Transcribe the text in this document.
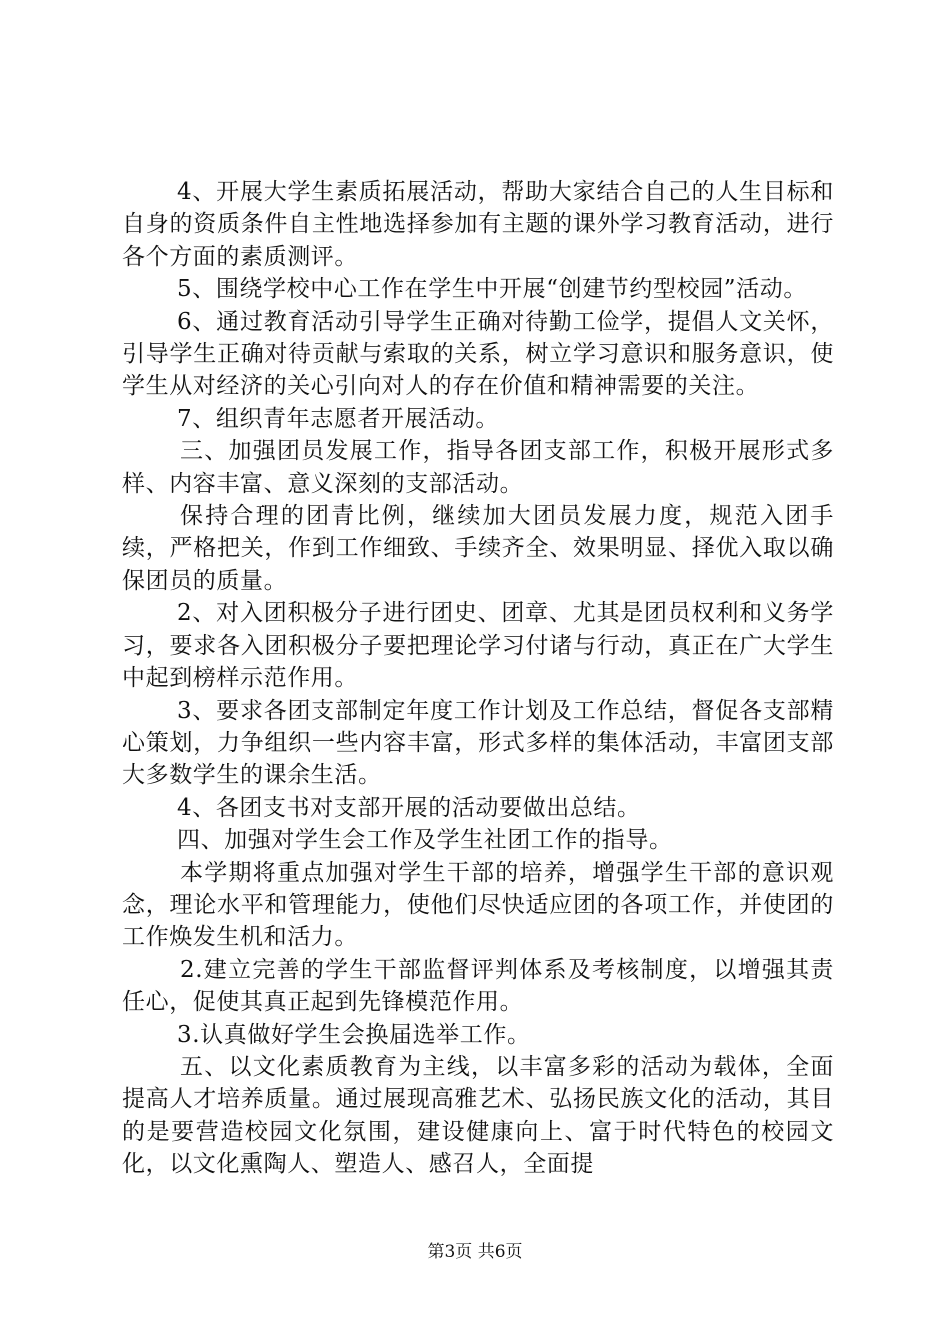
4、开展大学生素质拓展活动，帮助大家结合自己的人生目标和自身的资质条件自主性地选择参加有主题的课外学习教育活动，进行各个方面的素质测评。

5、围绕学校中心工作在学生中开展“创建节约型校园”活动。

6、通过教育活动引导学生正确对待勤工俭学，提倡人文关怀，引导学生正确对待贡献与索取的关系，树立学习意识和服务意识，使学生从对经济的关心引向对人的存在价值和精神需要的关注。

7、组织青年志愿者开展活动。

三、加强团员发展工作，指导各团支部工作，积极开展形式多样、内容丰富、意义深刻的支部活动。

保持合理的团青比例，继续加大团员发展力度，规范入团手续，严格把关，作到工作细致、手续齐全、效果明显、择优入取以确保团员的质量。

2、对入团积极分子进行团史、团章、尤其是团员权利和义务学习，要求各入团积极分子要把理论学习付诸与行动，真正在广大学生中起到榜样示范作用。

3、要求各团支部制定年度工作计划及工作总结，督促各支部精心策划，力争组织一些内容丰富，形式多样的集体活动，丰富团支部大多数学生的课余生活。

4、各团支书对支部开展的活动要做出总结。

四、加强对学生会工作及学生社团工作的指导。

本学期将重点加强对学生干部的培养，增强学生干部的意识观念，理论水平和管理能力，使他们尽快适应团的各项工作，并使团的工作焕发生机和活力。

2.建立完善的学生干部监督评判体系及考核制度，以增强其责任心，促使其真正起到先锋模范作用。

3.认真做好学生会换届选举工作。

五、以文化素质教育为主线，以丰富多彩的活动为载体，全面提高人才培养质量。通过展现高雅艺术、弘扬民族文化的活动，其目的是要营造校园文化氛围，建设健康向上、富于时代特色的校园文化，以文化熏陶人、塑造人、感召人，全面提

第3页 共6页
